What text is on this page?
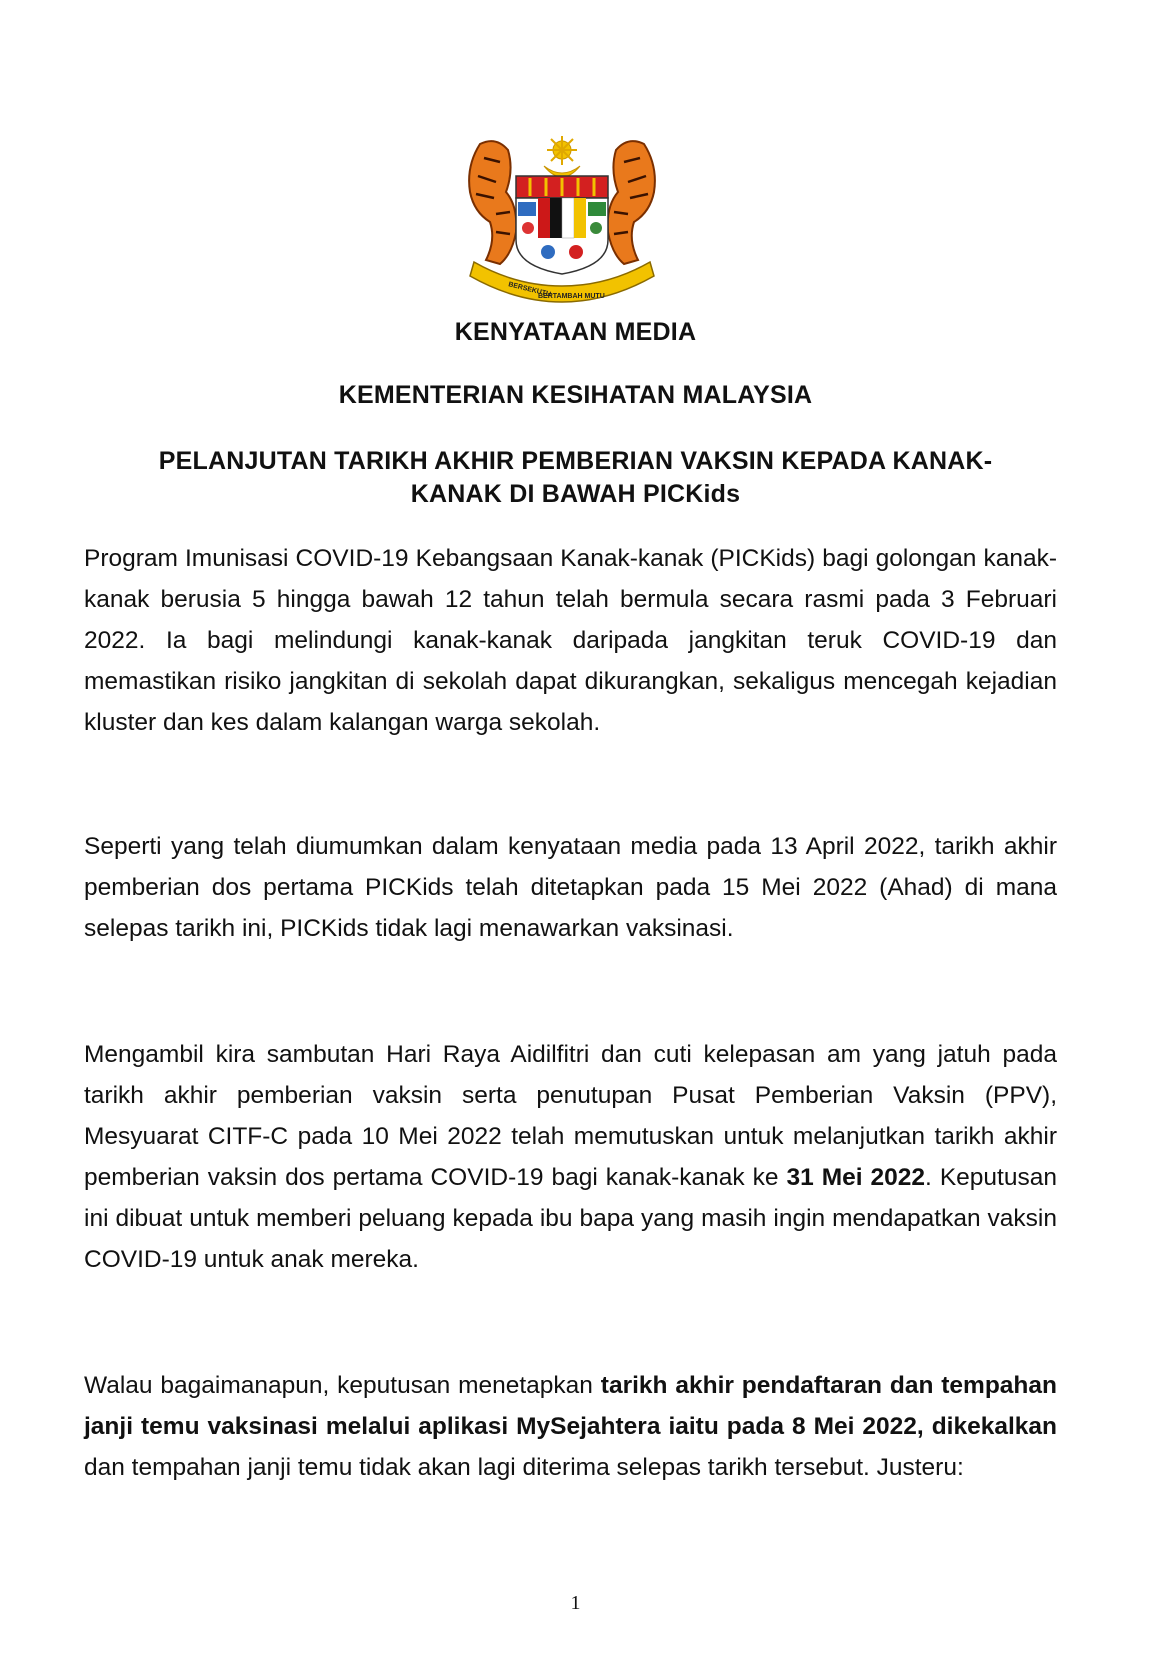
BERSEKUTU
BERTAMBAH MUTU
KENYATAAN MEDIA
KEMENTERIAN KESIHATAN MALAYSIA
PELANJUTAN TARIKH AKHIR PEMBERIAN VAKSIN KEPADA KANAK-
KANAK DI BAWAH PICKids
Program Imunisasi COVID-19 Kebangsaan Kanak-kanak (PICKids) bagi golongan kanak-kanak berusia 5 hingga bawah 12 tahun telah bermula secara rasmi pada 3 Februari 2022. Ia bagi melindungi kanak-kanak daripada jangkitan teruk COVID-19 dan memastikan risiko jangkitan di sekolah dapat dikurangkan, sekaligus mencegah kejadian kluster dan kes dalam kalangan warga sekolah.
Seperti yang telah diumumkan dalam kenyataan media pada 13 April 2022, tarikh akhir pemberian dos pertama PICKids telah ditetapkan pada 15 Mei 2022 (Ahad) di mana selepas tarikh ini, PICKids tidak lagi menawarkan vaksinasi.
Mengambil kira sambutan Hari Raya Aidilfitri dan cuti kelepasan am yang jatuh pada tarikh akhir pemberian vaksin serta penutupan Pusat Pemberian Vaksin (PPV), Mesyuarat CITF-C pada 10 Mei 2022 telah memutuskan untuk melanjutkan tarikh akhir pemberian vaksin dos pertama COVID-19 bagi kanak-kanak ke 31 Mei 2022. Keputusan ini dibuat untuk memberi peluang kepada ibu bapa yang masih ingin mendapatkan vaksin COVID-19 untuk anak mereka.
Walau bagaimanapun, keputusan menetapkan tarikh akhir pendaftaran dan tempahan janji temu vaksinasi melalui aplikasi MySejahtera iaitu pada 8 Mei 2022, dikekalkan dan tempahan janji temu tidak akan lagi diterima selepas tarikh tersebut. Justeru:
1
